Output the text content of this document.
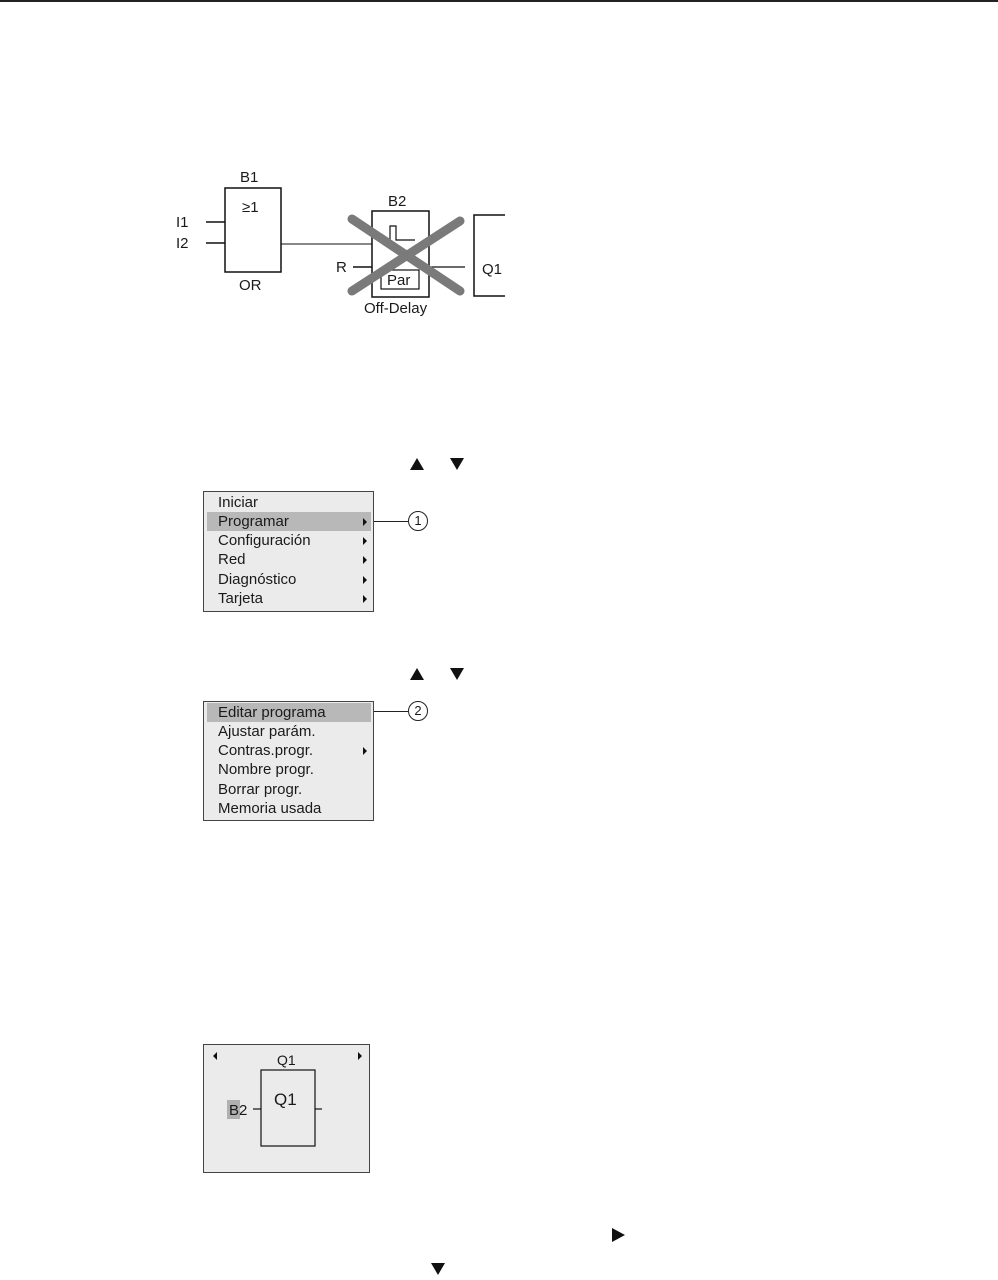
B1
≥1
I1
I2
OR
B2
Par
R
Off-Delay
Q1
Iniciar
Programar
Configuración
Red
Diagnóstico
Tarjeta
1
Editar programa
Ajustar parám.
Contras.progr.
Nombre progr.
Borrar progr.
Memoria usada
2
Q1
Q1
B 2
